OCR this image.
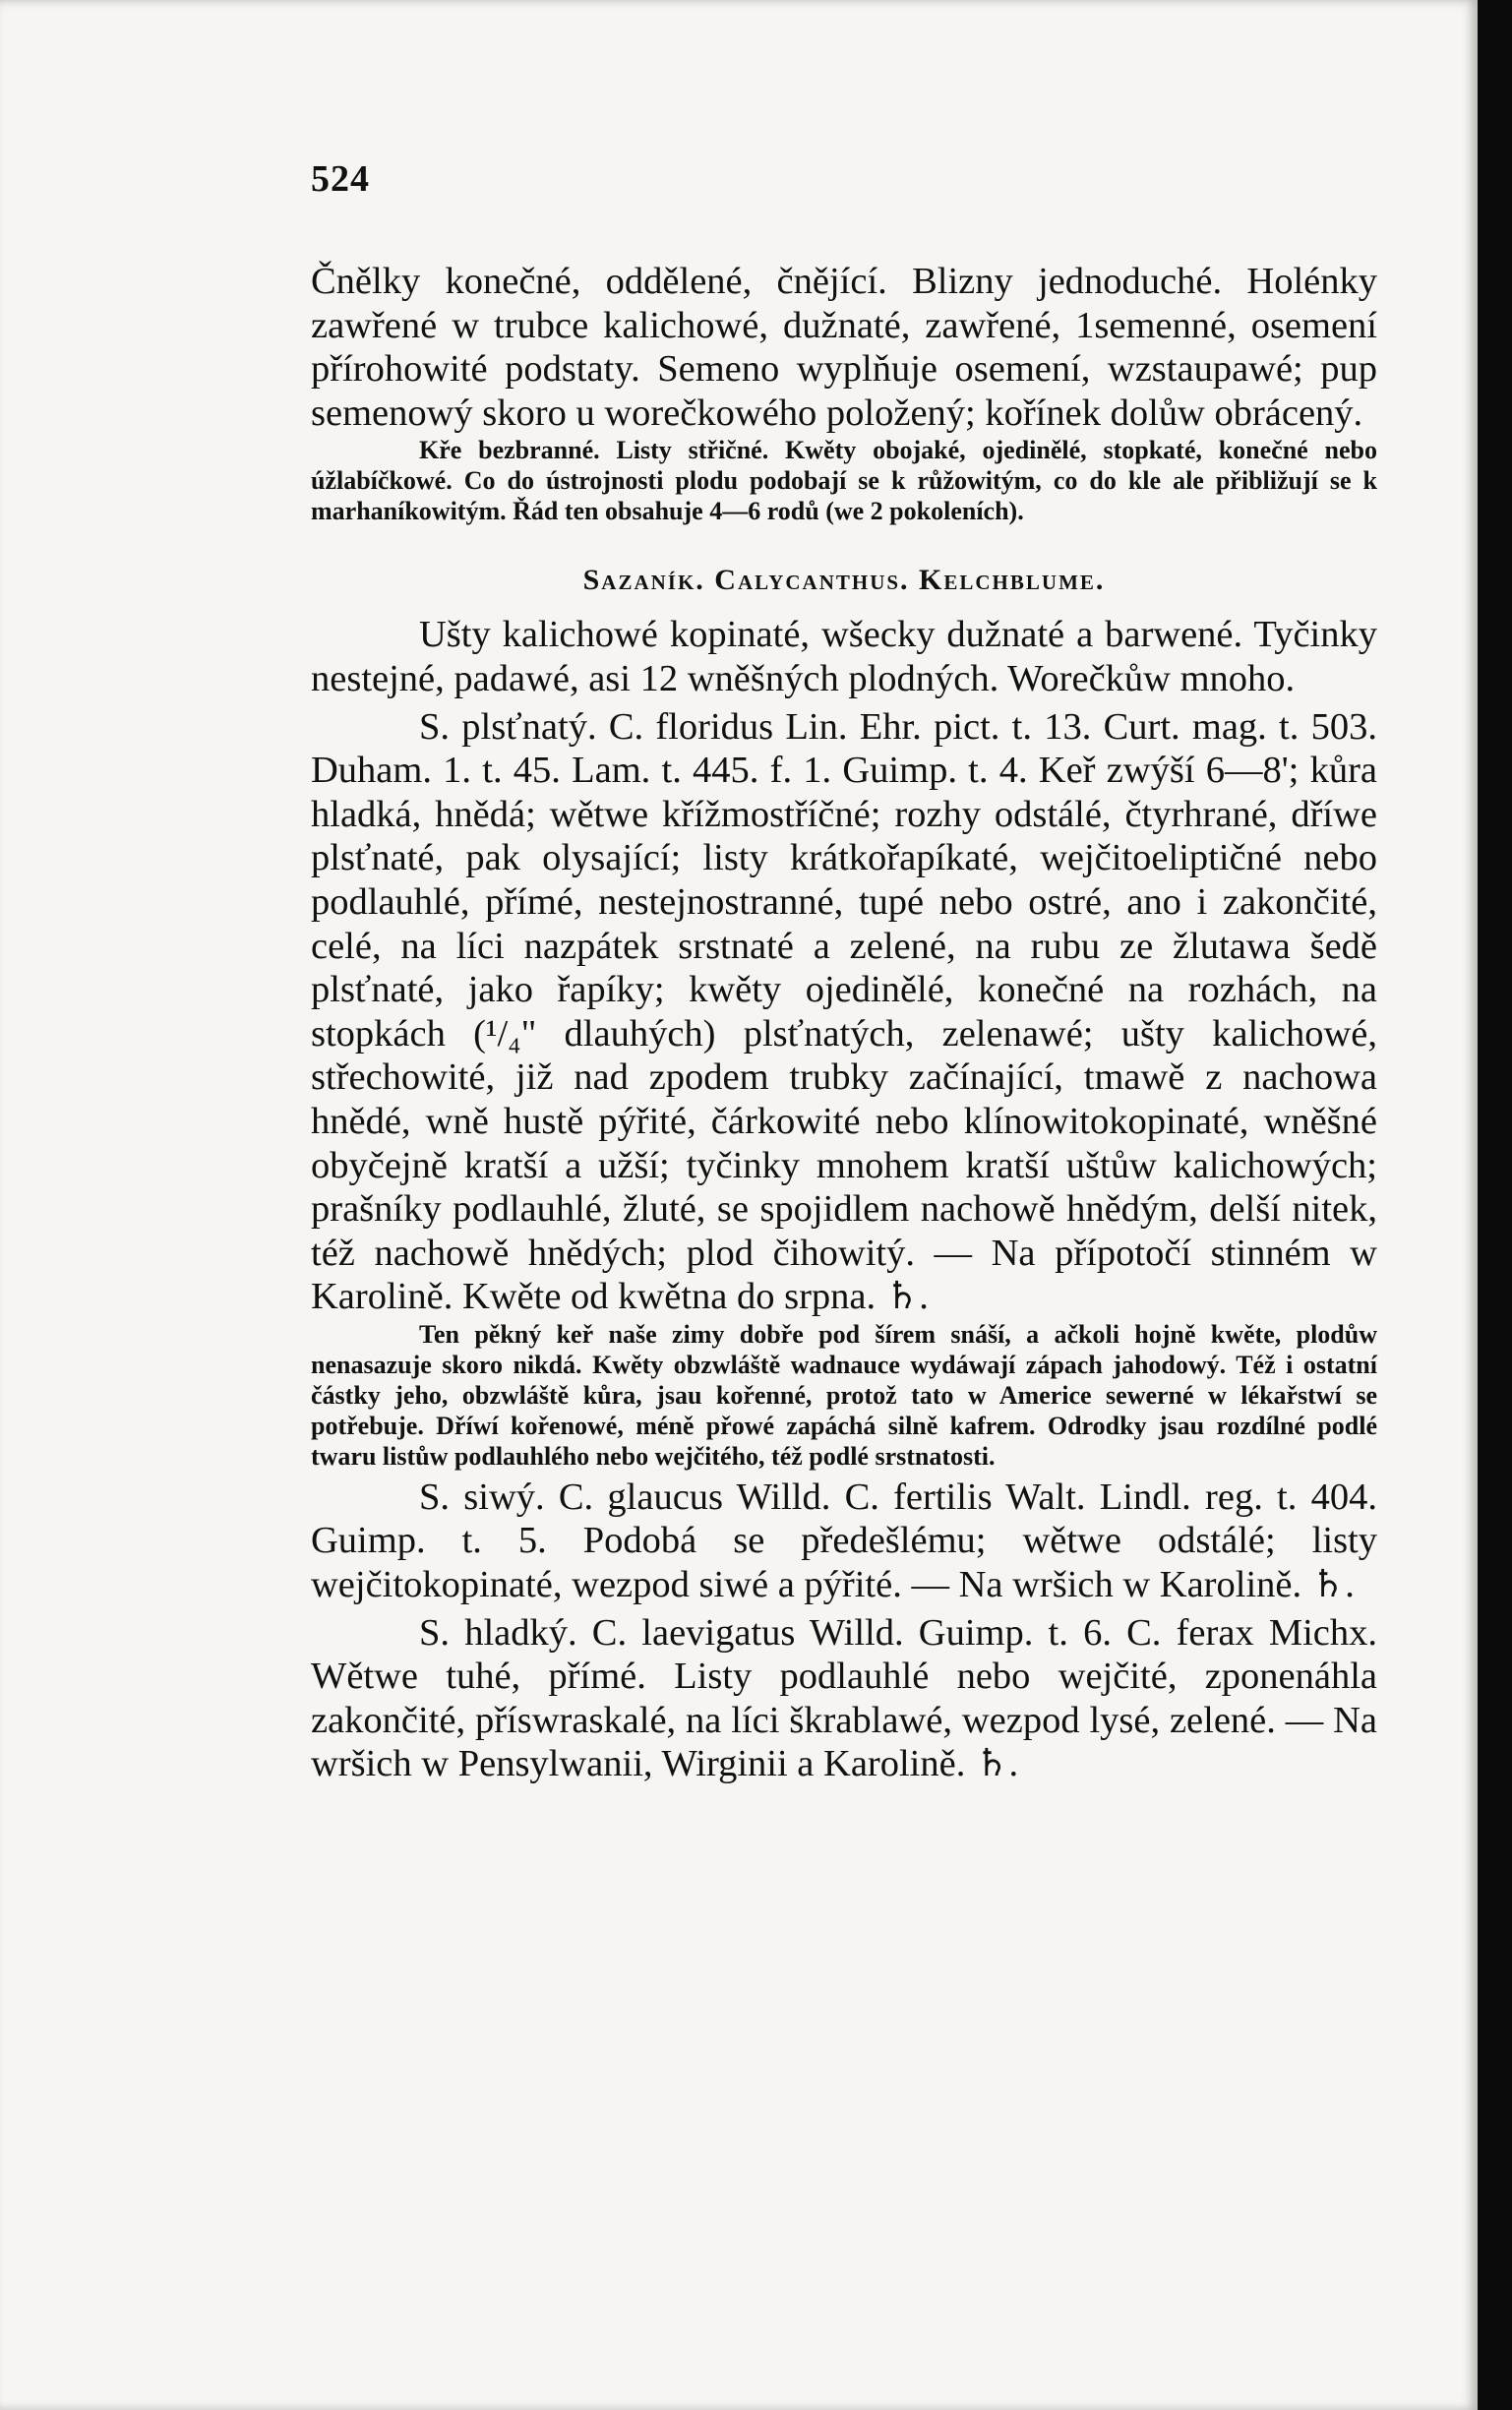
524

Čnělky konečné, oddělené, čnějící. Blizny jednoduché. Holénky zawřené w trubce kalichowé, dužnaté, zawřené, 1semenné, osemení přírohowité podstaty. Semeno wyplňuje osemení, wzstaupawé; pup semenowý skoro u worečkowého položený; kořínek dolůw obrácený.

Kře bezbranné. Listy střičné. Kwěty obojaké, ojedinělé, stopkaté, konečné nebo úžlabíčkowé. Co do ústrojnosti plodu podobají se k růžowitým, co do kle ale přibližují se k marhaníkowitým. Řád ten obsahuje 4—6 rodů (we 2 pokoleních).

Sazaník. Calycanthus. Kelchblume.

Ušty kalichowé kopinaté, wšecky dužnaté a barwené. Tyčinky nestejné, padawé, asi 12 wněšných plodných. Worečkůw mnoho.

S. plsťnatý. C. floridus Lin. Ehr. pict. t. 13. Curt. mag. t. 503. Duham. 1. t. 45. Lam. t. 445. f. 1. Guimp. t. 4. Keř zwýší 6—8'; kůra hladká, hnědá; wětwe křížmostříčné; rozhy odstálé, čtyrhrané, dříwe plsťnaté, pak olysající; listy krátkořapíkaté, wejčitoeliptičné nebo podlauhlé, přímé, nestejnostranné, tupé nebo ostré, ano i zakončité, celé, na líci nazpátek srstnaté a zelené, na rubu ze žlutawa šedě plsťnaté, jako řapíky; kwěty ojedinělé, konečné na rozhách, na stopkách (¹/₄" dlauhých) plsťnatých, zelenawé; ušty kalichowé, střechowité, již nad zpodem trubky začínající, tmawě z nachowa hnědé, wně hustě pýřité, čárkowité nebo klínowitokopinaté, wněšné obyčejně kratší a užší; tyčinky mnohem kratší uštůw kalichowých; prašníky podlauhlé, žluté, se spojidlem nachowě hnědým, delší nitek, též nachowě hnědých; plod čihowitý. — Na přípotočí stinném w Karolině. Kwěte od kwětna do srpna. ♄.

Ten pěkný keř naše zimy dobře pod šírem snáší, a ačkoli hojně kwěte, plodůw nenasazuje skoro nikdá. Kwěty obzwláště wadnauce wydáwají zápach jahodowý. Též i ostatní částky jeho, obzwláště kůra, jsau kořenné, protož tato w Americe sewerné w lékařstwí se potřebuje. Dříwí kořenowé, méně přowé zapáchá silně kafrem. Odrodky jsau rozdílné podlé twaru listůw podlauhlého nebo wejčitého, též podlé srstnatosti.

S. siwý. C. glaucus Willd. C. fertilis Walt. Lindl. reg. t. 404. Guimp. t. 5. Podobá se předešlému; wětwe odstálé; listy wejčitokopinaté, wezpod siwé a pýřité. — Na wršich w Karolině. ♄.

S. hladký. C. laevigatus Willd. Guimp. t. 6. C. ferax Michx. Wětwe tuhé, přímé. Listy podlauhlé nebo wejčité, zponenáhla zakončité, příswraskalé, na líci škrablawé, wezpod lysé, zelené. — Na wršich w Pensylwanii, Wirginii a Karolině. ♄.
